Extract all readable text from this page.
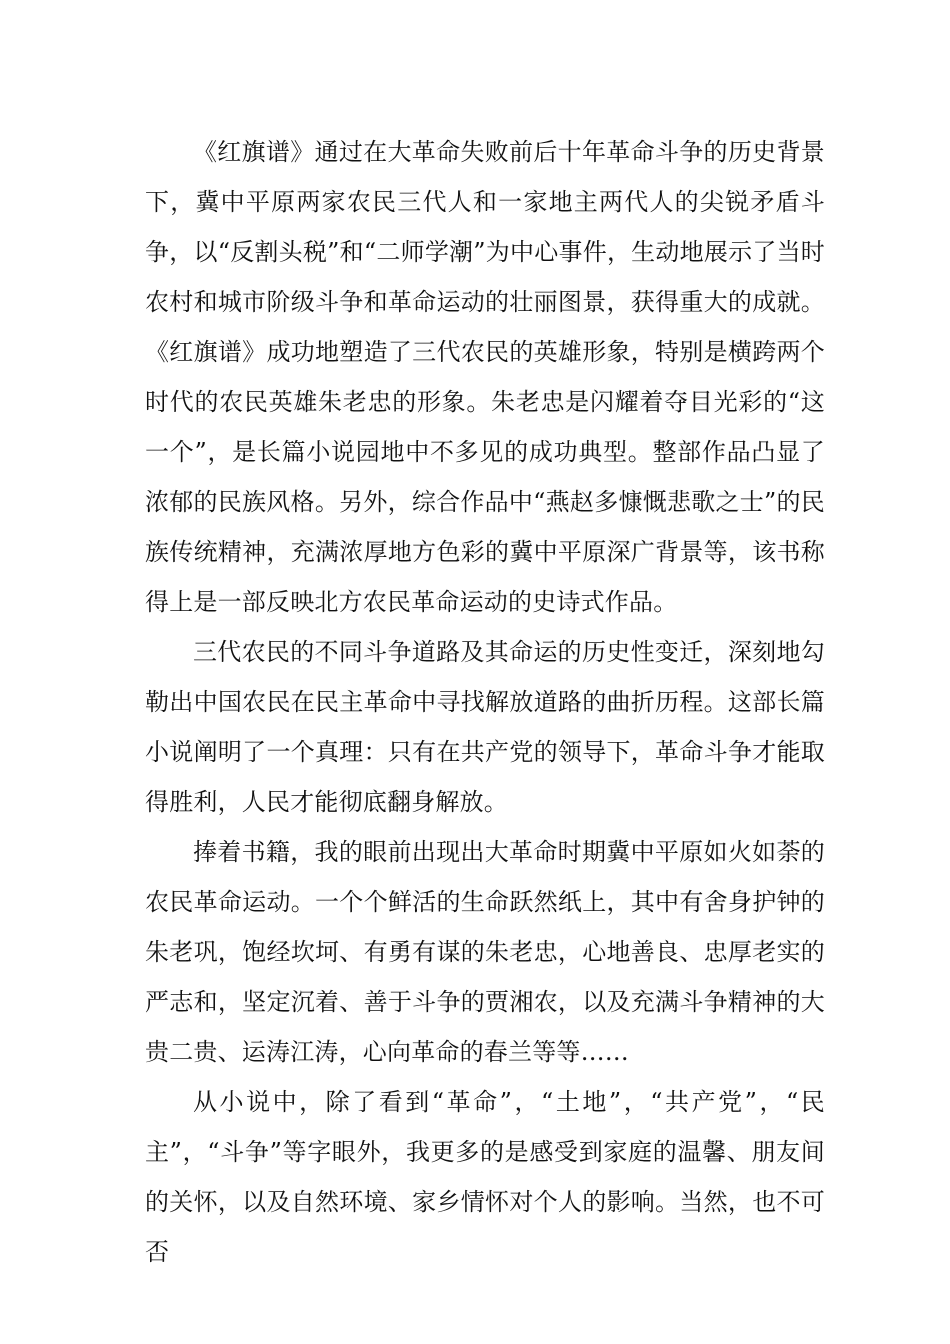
《红旗谱》通过在大革命失败前后十年革命斗争的历史背景下，冀中平原两家农民三代人和一家地主两代人的尖锐矛盾斗争，以“反割头税”和“二师学潮”为中心事件，生动地展示了当时农村和城市阶级斗争和革命运动的壮丽图景，获得重大的成就。《红旗谱》成功地塑造了三代农民的英雄形象，特别是横跨两个时代的农民英雄朱老忠的形象。朱老忠是闪耀着夺目光彩的“这一个”，是长篇小说园地中不多见的成功典型。整部作品凸显了浓郁的民族风格。另外，综合作品中“燕赵多慷慨悲歌之士”的民族传统精神，充满浓厚地方色彩的冀中平原深广背景等，该书称得上是一部反映北方农民革命运动的史诗式作品。

三代农民的不同斗争道路及其命运的历史性变迁，深刻地勾勒出中国农民在民主革命中寻找解放道路的曲折历程。这部长篇小说阐明了一个真理：只有在共产党的领导下，革命斗争才能取得胜利，人民才能彻底翻身解放。

捧着书籍，我的眼前出现出大革命时期冀中平原如火如荼的农民革命运动。一个个鲜活的生命跃然纸上，其中有舍身护钟的朱老巩，饱经坎坷、有勇有谋的朱老忠，心地善良、忠厚老实的严志和，坚定沉着、善于斗争的贾湘农，以及充满斗争精神的大贵二贵、运涛江涛，心向革命的春兰等等……

从小说中，除了看到“革命”，“土地”，“共产党”，“民主”，“斗争”等字眼外，我更多的是感受到家庭的温馨、朋友间的关怀，以及自然环境、家乡情怀对个人的影响。当然，也不可否
